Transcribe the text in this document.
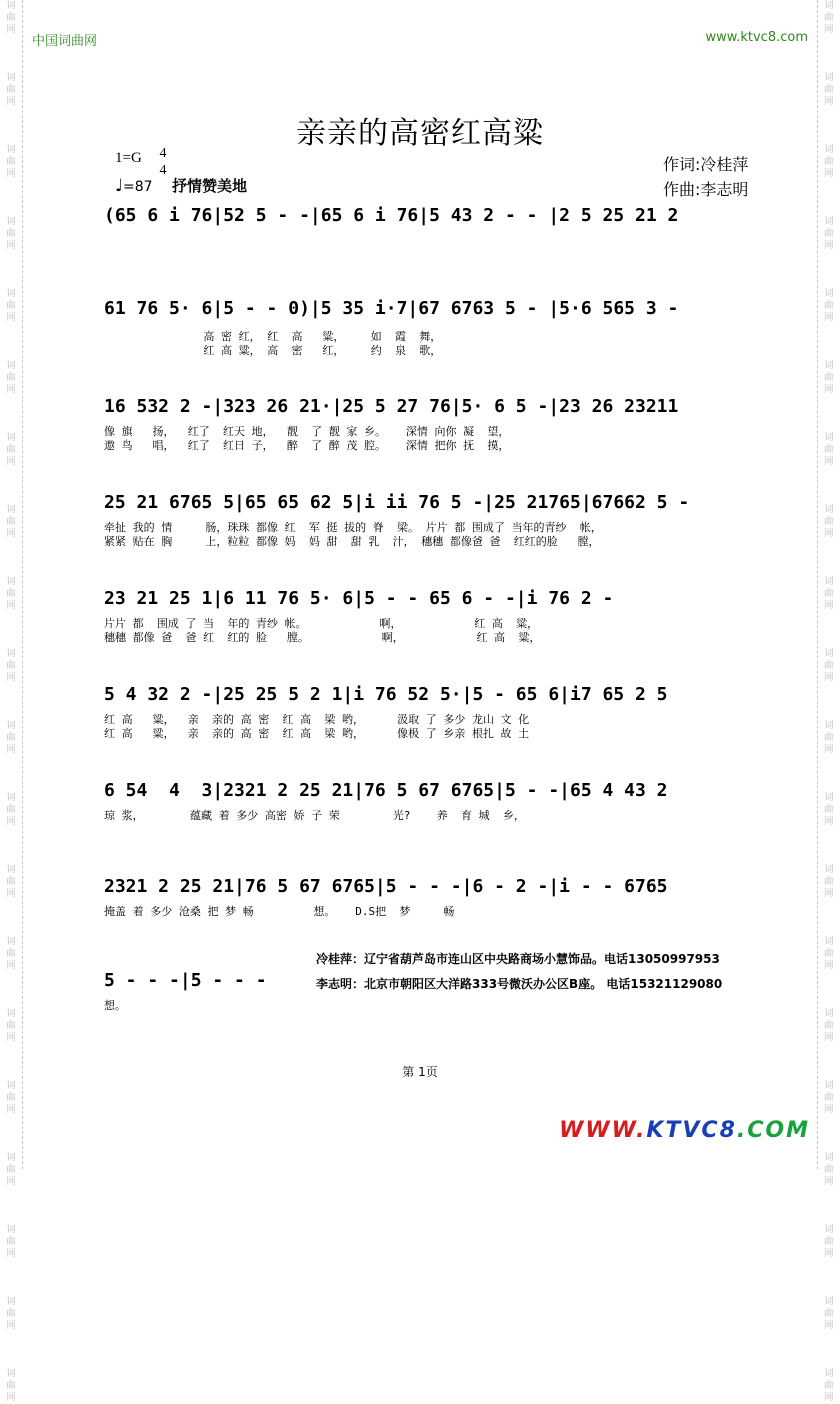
词
曲
网

词
曲
网

词
曲
网

词
曲
网

词
曲
网

词
曲
网

词
曲
网

词
曲
网

词
曲
网

词
曲
网

词
曲
网

词
曲
网

词
曲
网

词
曲
网

词
曲
网

词
曲
网

词
曲
网

词
曲
网

词
曲
网

词
曲
网
词
曲
网

词
曲
网

词
曲
网

词
曲
网

词
曲
网

词
曲
网

词
曲
网

词
曲
网

词
曲
网

词
曲
网

词
曲
网

词
曲
网

词
曲
网

词
曲
网

词
曲
网

词
曲
网

词
曲
网

词
曲
网

词
曲
网

词
曲
网
中国词曲网	www.ktvc8.com
亲亲的高密红高粱
1=G 4
4
♩=87 抒情赞美地
作词:冷桂萍
作曲:李志明
(65 6 i 76|52 5 - -|65 6 i 76|5 43 2 - - |2 5 25 21 2
61 76 5· 6|5 - - 0)|5 35 i·7|67 6763 5 - |5·6 565 3 -
高 密 红， 红  高   粱，    如  霞  舞，
红 高 粱， 高  密   红，    约  泉  歌，
16 532 2 -|323 26 21·|25 5 27 76|5· 6 5 -|23 26 23211
像 旗   扬，  红了  红天 地，  靓  了 靓 家 乡。   深情 向你 凝  望，
遨 鸟   唱，  红了  红日 子，  醉  了 醉 茂 腔。   深情 把你 抚  摸，
25 21 6765 5|65 65 62 5|i ii 76 5 -|25 21765|67662 5 -
牵扯 我的 情     肠，珠珠 都像 红  军 挺 拔的 脊  梁。 片片 都 围成了 当年的青纱  帐，
紧紧 贴在 胸     上，粒粒 都像 妈  妈 甜  甜 乳  汁， 穗穗 都像爸 爸  红红的脸   膛，
23 21 25 1|6 11 76 5· 6|5 - - 65 6 - -|i 76 2 -
片片 都  围成 了 当  年的 青纱 帐。           啊，           红 高  粱，
穗穗 都像 爸  爸 红  红的 脸   膛。           啊，           红 高  粱，
5 4 32 2 -|25 25 5 2 1|i 76 52 5·|5 - 65 6|i7 65 2 5
红 高   粱，  亲  亲的 高 密  红 高  梁 哟，     汲取 了 多少 龙山 文 化
红 高   粱，  亲  亲的 高 密  红 高  梁 哟，     像极 了 乡亲 根扎 故 土
6 54  4  3|2321 2 25 21|76 5 67 6765|5 - -|65 4 43 2
琼 浆，       蕴藏 着 多少 高密 娇 子 荣        光?    养  育 城  乡，
2321 2 25 21|76 5 67 6765|5 - - -|6 - 2 -|i - - 6765
掩盖 着 多少 沧桑 把 梦 畅         想。   D.S把  梦     畅
5 - - -|5 - - -
想。
冷桂萍：辽宁省葫芦岛市连山区中央路商场小慧饰品。电话13050997953
李志明：北京市朝阳区大洋路333号微沃办公区B座。 电话15321129080
第 1页
WWW.KTVC8.COM
